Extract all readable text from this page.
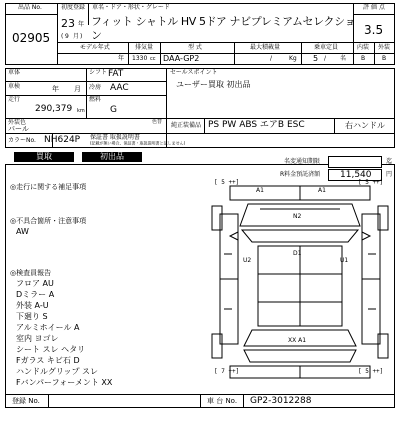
出品 No.
02905
初度登録
23 年
( 9 月 )
車名・ドア・形状・グレード
フィット シャトル HV 5ドア ナビプレミアムセレクショ
ン
モデル年式
年
排気量
1330 cc
型 式
DAA-GP2
最大積載量
/	Kg
乗車定員
5 / 名
評 価 点
3.5
内装 外装
B	B
車体	シフト FAT
車検	年 月 冷房 AAC
走行
290,379 km
燃料
G
外装色
パール
色替
カラーNo. NH624P 保証書 取扱説明書
(記載が無い場合、保証書・取扱説明書と記しません)
セールスポイント
ユーザー買取 初出品
純正装備品 PS PW ABS エアB ESC	右ハンドル
買取	初出品
名変通知期限	迄
R料金預託済額 11,540 円
◎走行に関する補足事項
◎不具合箇所・注意事項
AW
◎検査員報告
フロア AU
Dミラー A
外装 A-U
下廻り S
アルミホイール A
室内 ヨゴレ
シート スレ ヘタリ
Fガラス キビ石 D
ハンドルグリップ スレ
Fバンパーフォーメント XX
登録 No.	車 台 No. GP2-3012288
[ 5 ++]	[ 5 ++]
[ 7 ++]	[ 5 ++]
A1	A1
N2
D1
U2	U1
XX A1
